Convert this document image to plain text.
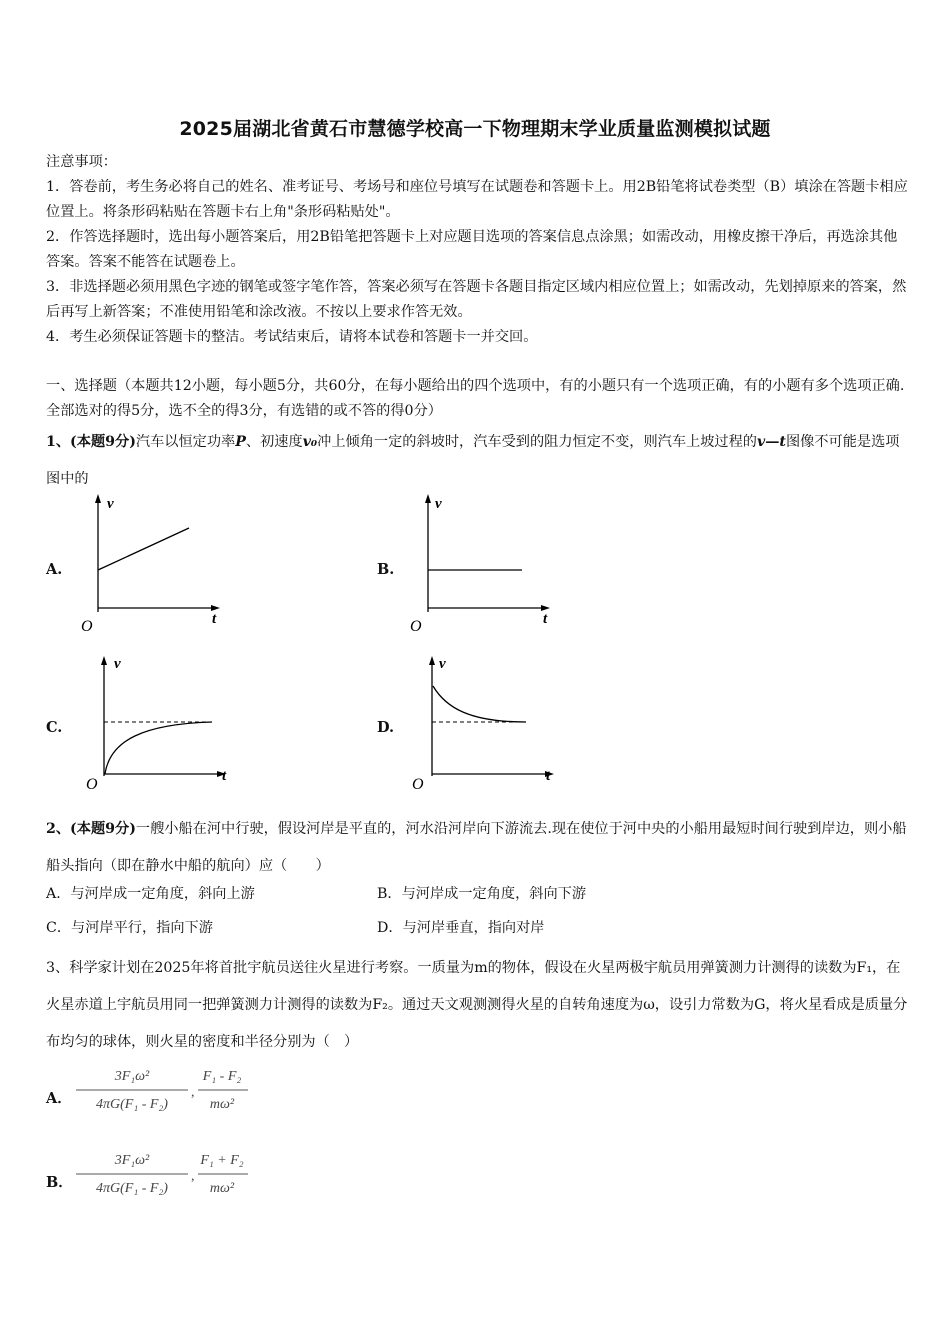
2025届湖北省黄石市慧德学校高一下物理期末学业质量监测模拟试题
注意事项：
1．答卷前，考生务必将自己的姓名、准考证号、考场号和座位号填写在试题卷和答题卡上。用2B铅笔将试卷类型（B）填涂在答题卡相应位置上。将条形码粘贴在答题卡右上角"条形码粘贴处"。
2．作答选择题时，选出每小题答案后，用2B铅笔把答题卡上对应题目选项的答案信息点涂黑；如需改动，用橡皮擦干净后，再选涂其他答案。答案不能答在试题卷上。
3．非选择题必须用黑色字迹的钢笔或签字笔作答，答案必须写在答题卡各题目指定区域内相应位置上；如需改动，先划掉原来的答案，然后再写上新答案；不准使用铅笔和涂改液。不按以上要求作答无效。
4．考生必须保证答题卡的整洁。考试结束后，请将本试卷和答题卡一并交回。
一、选择题（本题共12小题，每小题5分，共60分，在每小题给出的四个选项中，有的小题只有一个选项正确，有的小题有多个选项正确.全部选对的得5分，选不全的得3分，有选错的或不答的得0分）
1、(本题9分)汽车以恒定功率P、初速度v₀冲上倾角一定的斜坡时，汽车受到的阻力恒定不变，则汽车上坡过程的v—t图像不可能是选项图中的
A.	B.
C.	D.
v
t
O
v
t
O
v
t
O
v
t
O
2、(本题9分)一艘小船在河中行驶，假设河岸是平直的，河水沿河岸向下游流去.现在使位于河中央的小船用最短时间行驶到岸边，则小船船头指向（即在静水中船的航向）应（　　）
A．与河岸成一定角度，斜向上游	B．与河岸成一定角度，斜向下游
C．与河岸平行，指向下游	D．与河岸垂直，指向对岸
3、科学家计划在2025年将首批宇航员送往火星进行考察。一质量为m的物体，假设在火星两极宇航员用弹簧测力计测得的读数为F₁，在火星赤道上宇航员用同一把弹簧测力计测得的读数为F₂。通过天文观测测得火星的自转角速度为ω，设引力常数为G，将火星看成是质量分布均匀的球体，则火星的密度和半径分别为（　）
A．
3F₁ω²
4πG(F₁ - F₂)
,
F₁ - F₂
mω²
B．
3F₁ω²
4πG(F₁ - F₂)
,
F₁ + F₂
mω²
